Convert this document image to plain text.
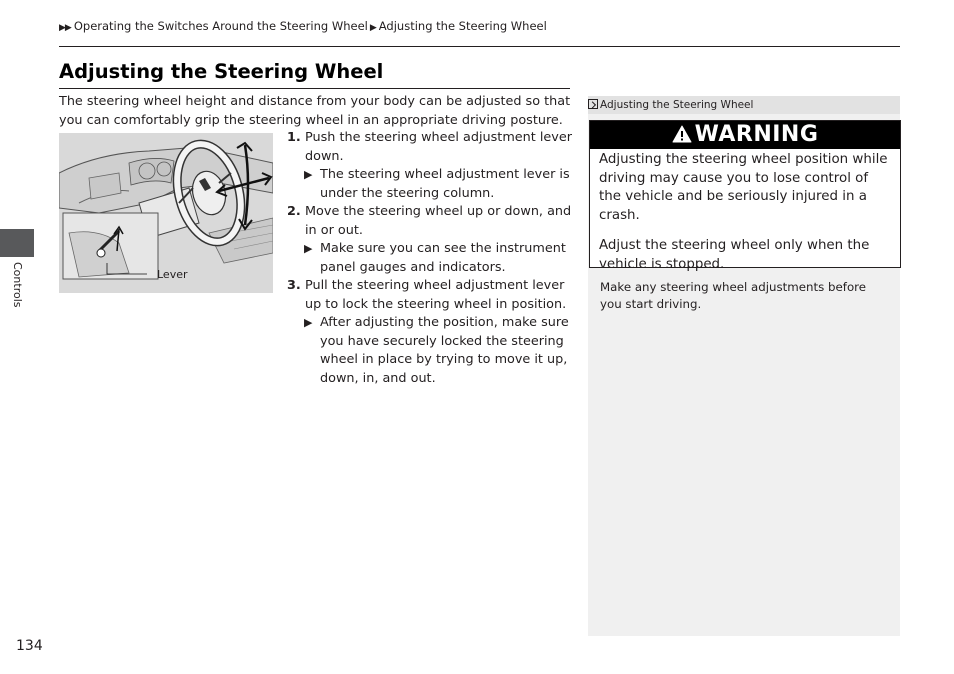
▶▶ Operating the Switches Around the Steering Wheel ▶ Adjusting the Steering Wheel
Adjusting the Steering Wheel
The steering wheel height and distance from your body can be adjusted so that you can comfortably grip the steering wheel in an appropriate driving posture.
Lever
1. Push the steering wheel adjustment lever down.
▶ The steering wheel adjustment lever is under the steering column.
2. Move the steering wheel up or down, and in or out.
▶ Make sure you can see the instrument panel gauges and indicators.
3. Pull the steering wheel adjustment lever up to lock the steering wheel in position.
▶ After adjusting the position, make sure you have securely locked the steering wheel in place by trying to move it up, down, in, and out.
Controls
134
Adjusting the Steering Wheel
WARNING

Adjusting the steering wheel position while driving may cause you to lose control of the vehicle and be seriously injured in a crash.

Adjust the steering wheel only when the vehicle is stopped.

Make any steering wheel adjustments before you start driving.
